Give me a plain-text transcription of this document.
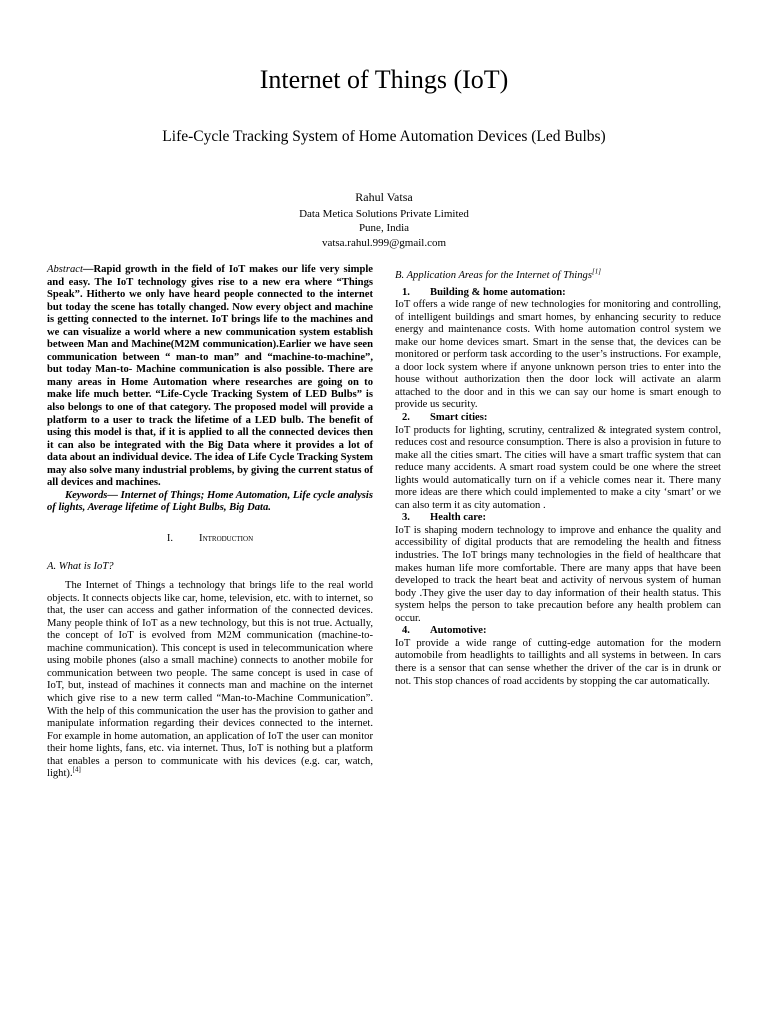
Internet of Things (IoT)
Life-Cycle Tracking System of Home Automation Devices (Led Bulbs)
Rahul Vatsa
Data Metica Solutions Private Limited
Pune, India
vatsa.rahul.999@gmail.com

Abstract—Rapid growth in the field of IoT makes our life very simple and easy. The IoT technology gives rise to a new era where “Things Speak”. Hitherto we only have heard people connected to the internet but today the scene has totally changed. Now every object and machine is getting connected to the internet. IoT brings life to the machines and we can visualize a world where a new communication system establish between Man and Machine(M2M communication).Earlier we have seen communication between “ man-to man” and “machine-to-machine”, but today Man-to- Machine communication is also possible. There are many areas in Home Automation where researches are going on to make life much better. “Life-Cycle Tracking System of LED Bulbs” is also belongs to one of that category. The proposed model will provide a platform to a user to track the lifetime of a LED bulb. The benefit of using this model is that, if it is applied to all the connected devices then it can also be integrated with the Big Data where it provides a lot of data about an individual device. The idea of Life Cycle Tracking System may also solve many industrial problems, by giving the current status of all devices and machines.

Keywords— Internet of Things; Home Automation, Life cycle analysis of lights, Average lifetime of Light Bulbs, Big Data.

I. Introduction

A. What is IoT?

The Internet of Things a technology that brings life to the real world objects. It connects objects like car, home, television, etc. with to internet, so that, the user can access and gather information of the connected devices. Many people think of IoT as a new technology, but this is not true. Actually, the concept of IoT is evolved from M2M communication (machine-to- machine communication). This concept is used in telecommunication where using mobile phones (also a small machine) connects to another mobile for communication between two people. The same concept is used in case of IoT, but, instead of machines it connects man and machine on the internet which give rise to a new term called “Man-to-Machine Communication”. With the help of this communication the user has the provision to gather and manipulate information regarding their devices connected to the internet. For example in home automation, an application of IoT the user can monitor their home lights, fans, etc. via internet. Thus, IoT is nothing but a platform that enables a person to communicate with his devices (e.g. car, watch, light).[4]

B. Application Areas for the Internet of Things[1]

1. Building & home automation:

IoT offers a wide range of new technologies for monitoring and controlling, of intelligent buildings and smart homes, by enhancing security to reduce energy and maintenance costs. With home automation control system we make our home devices smart. Smart in the sense that, the devices can be monitored or perform task according to the user’s instructions. For example, a door lock system where if anyone unknown person tries to enter into the house without authorization then the door lock will activate an alarm attached to the door and in this we can say our home is smart enough to provide us security.

2. Smart cities:

IoT products for lighting, scrutiny, centralized & integrated system control, reduces cost and resource consumption. There is also a provision in future to make all the cities smart. The cities will have a smart traffic system that can reduce many accidents. A smart road system could be one where the street lights would automatically turn on if a vehicle comes near it. There many more ideas are there which could implemented to make a city ‘smart’ or we can also term it as city automation .

3. Health care:

IoT is shaping modern technology to improve and enhance the quality and accessibility of digital products that are remodeling the health and fitness industries. The IoT brings many technologies in the field of healthcare that makes human life more comfortable. There are many apps that have been developed to track the heart beat and activity of nervous system of human body .They give the user day to day information of their health status. This system helps the person to take precaution before any health problem can occur.

4. Automotive:

IoT provide a wide range of cutting-edge automation for the modern automobile from headlights to taillights and all systems in between. In cars there is a sensor that can sense whether the driver of the car is in drunk or not. This stop chances of road accidents by stopping the car automatically.
